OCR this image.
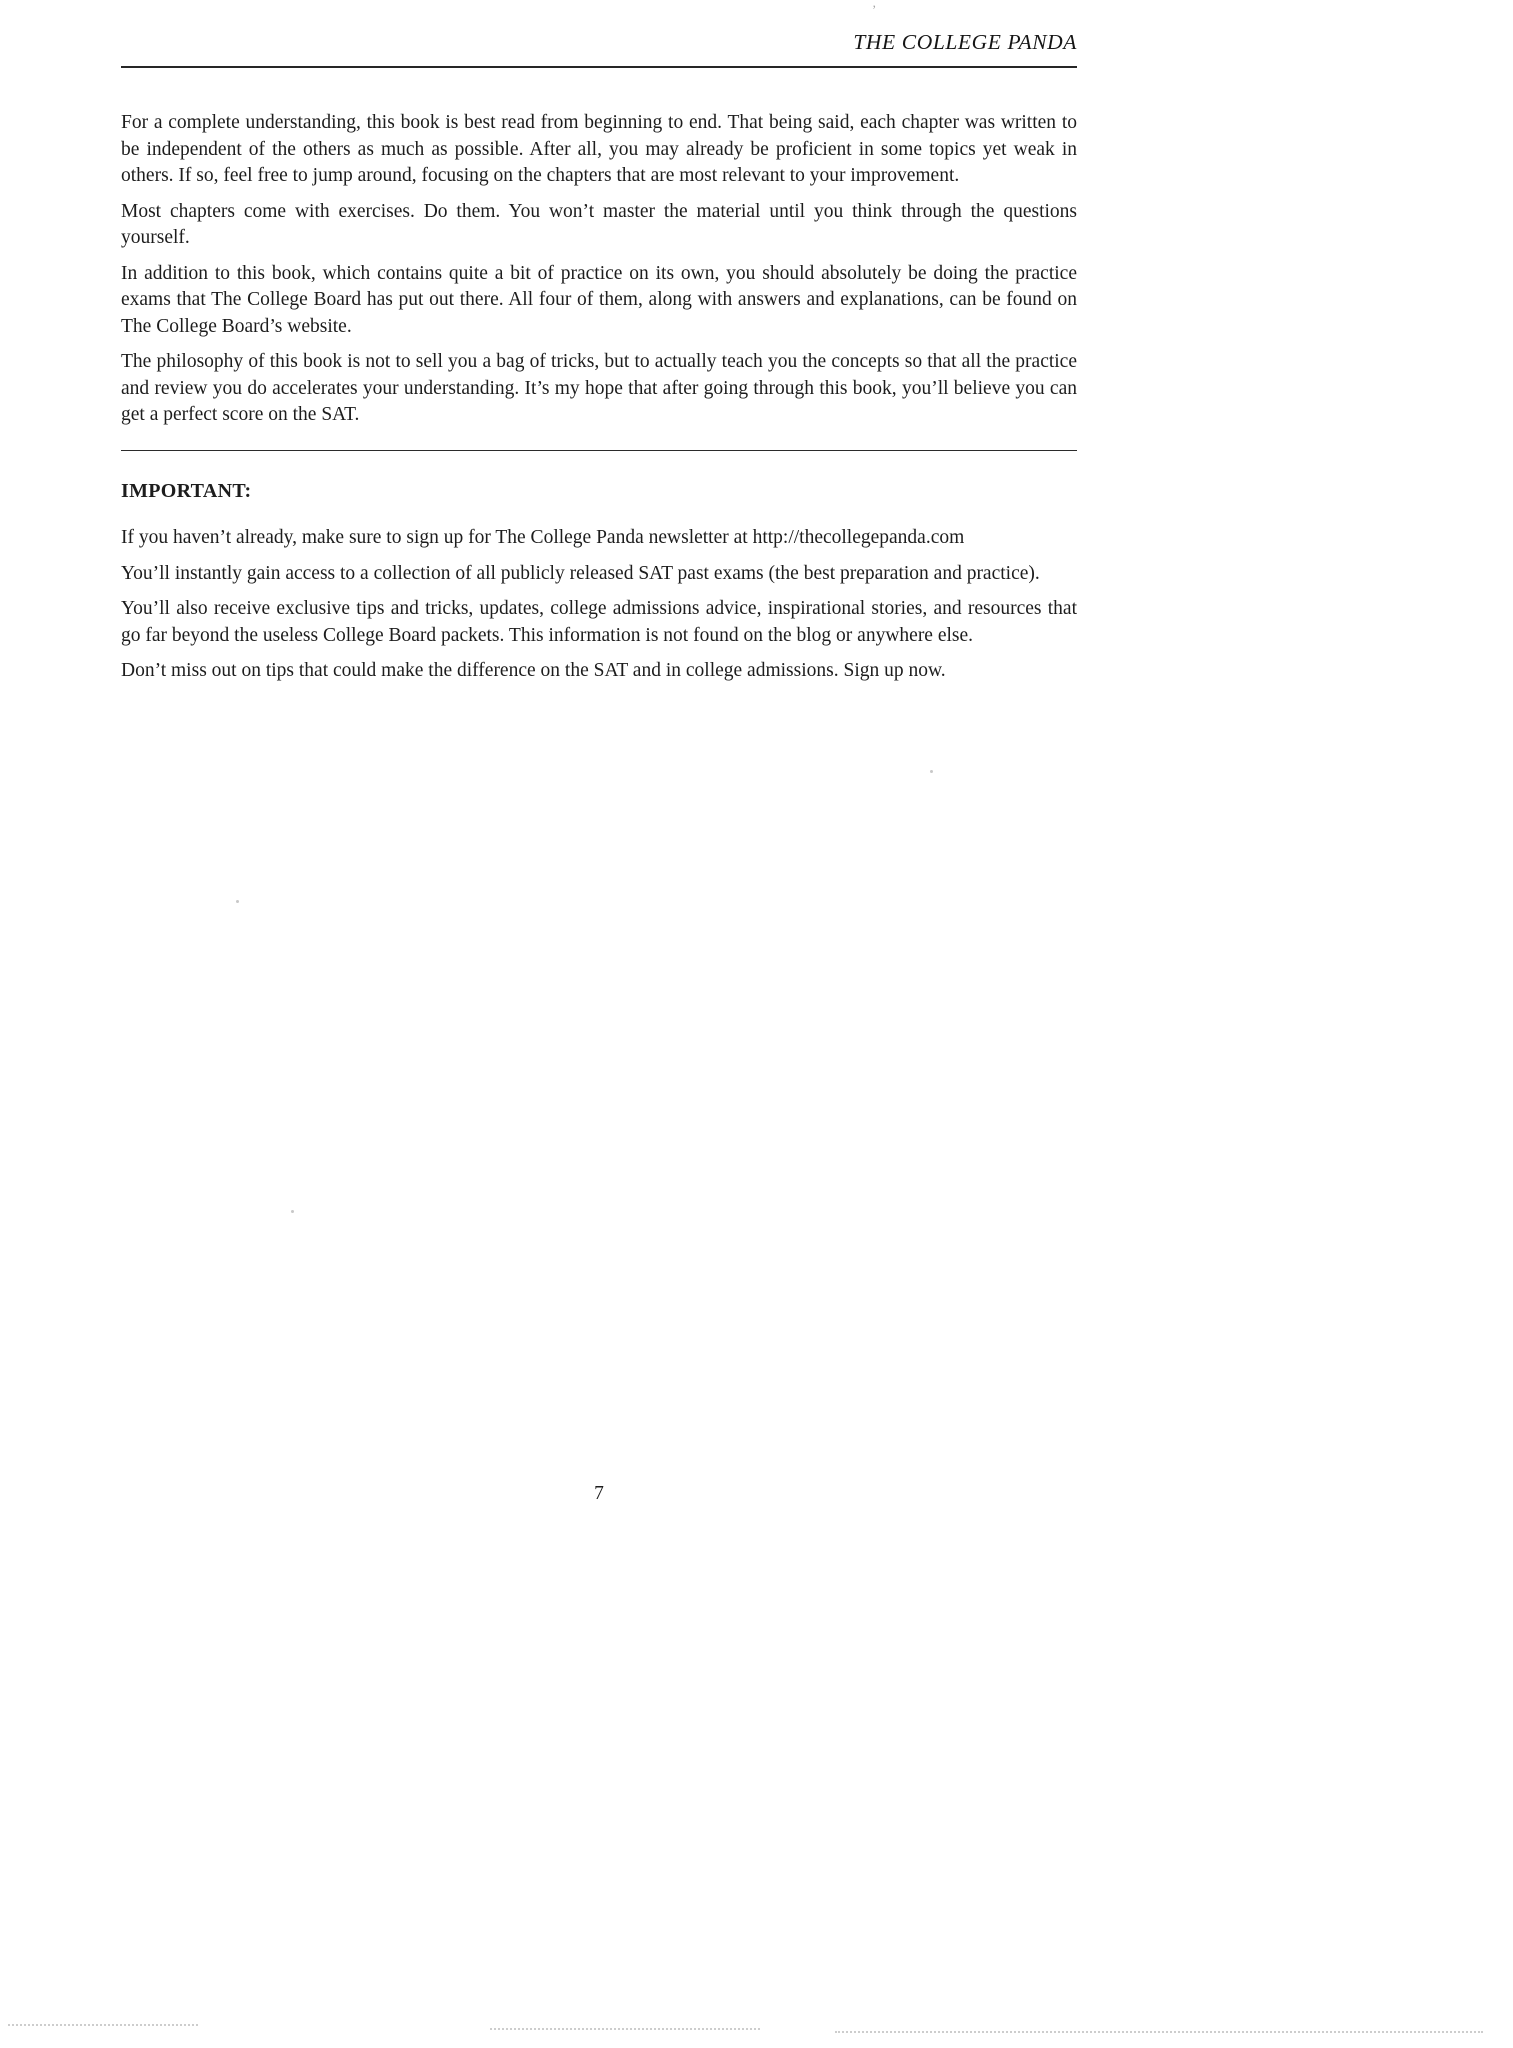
’
THE COLLEGE PANDA

For a complete understanding, this book is best read from beginning to end. That being said, each chapter was written to be independent of the others as much as possible. After all, you may already be proficient in some topics yet weak in others. If so, feel free to jump around, focusing on the chapters that are most relevant to your improvement.

Most chapters come with exercises. Do them. You won’t master the material until you think through the questions yourself.

In addition to this book, which contains quite a bit of practice on its own, you should absolutely be doing the practice exams that The College Board has put out there. All four of them, along with answers and explanations, can be found on The College Board’s website.

The philosophy of this book is not to sell you a bag of tricks, but to actually teach you the concepts so that all the practice and review you do accelerates your understanding. It’s my hope that after going through this book, you’ll believe you can get a perfect score on the SAT.

IMPORTANT:

If you haven’t already, make sure to sign up for The College Panda newsletter at http://thecollegepanda.com

You’ll instantly gain access to a collection of all publicly released SAT past exams (the best preparation and practice).

You’ll also receive exclusive tips and tricks, updates, college admissions advice, inspirational stories, and resources that go far beyond the useless College Board packets. This information is not found on the blog or anywhere else.

Don’t miss out on tips that could make the difference on the SAT and in college admissions. Sign up now.

7
